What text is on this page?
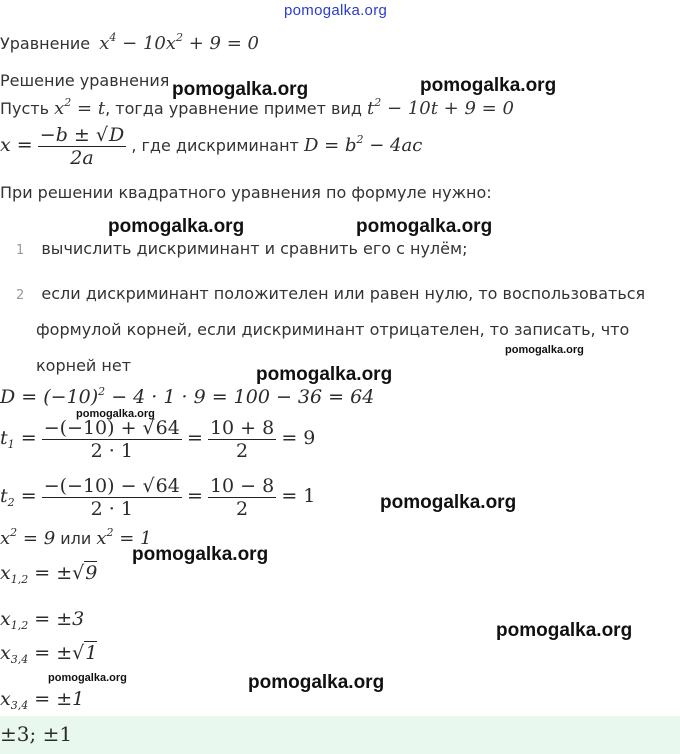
pomogalka.org
Уравнение $x^4 - 10x^2 + 9 = 0$
Решение уравнения
Пусть $x^2 = t$, тогда уравнение примет вид $t^2 - 10t + 9 = 0$
$x = \frac{-b \pm √D}{2a}$ , где дискриминант $D = b^2 - 4ac$
При решении квадратного уравнения по формуле нужно:
1 вычислить дискриминант и сравнить его с нулём;
2 если дискриминант положителен или равен нулю, то воспользоваться
формулой корней, если дискриминант отрицателен, то записать, что
корней нет
$D = (-10)^2 - 4 \cdot 1 \cdot 9 = 100 - 36 = 64$
$t_1 = \frac{-(-10) + √64}{2 \cdot 1} = \frac{10 + 8}{2} = 9$
$t_2 = \frac{-(-10) - √64}{2 \cdot 1} = \frac{10 - 8}{2} = 1$
$x^2 = 9$ или $x^2 = 1$
$x_{1,2} = \pm√9$
$x_{1,2} = \pm 3$
$x_{3,4} = \pm√1$
$x_{3,4} = \pm 1$
±3; ±1
pomogalka.org	pomogalka.org
pomogalka.org	pomogalka.org
pomogalka.org
pomogalka.org
pomogalka.org
pomogalka.org
pomogalka.org
pomogalka.org
pomogalka.org	pomogalka.org
